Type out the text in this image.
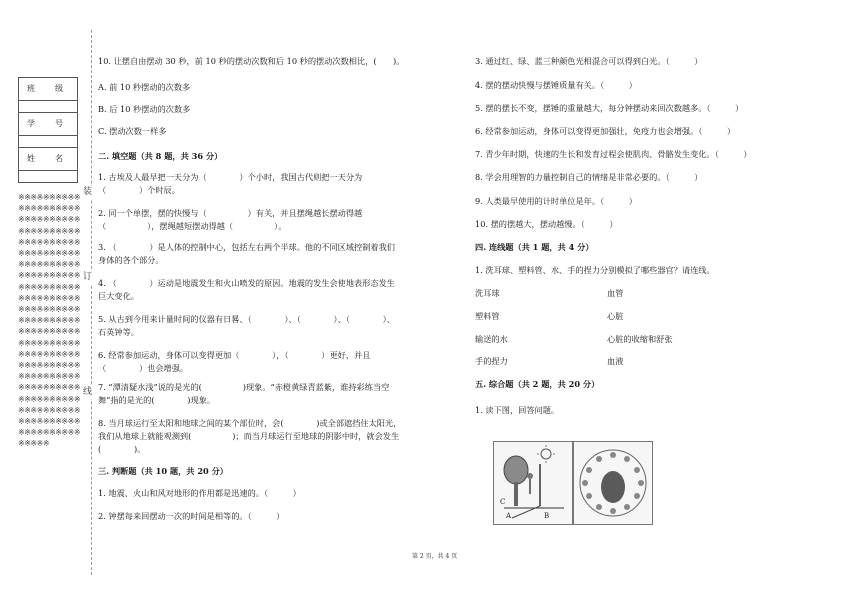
班　级

学　号

姓　名

※※※※※※※※※※※※※※※※※※※※※※※※※※※※※※※※※※※※※※※※※※※※※※※※※※※※※※※※※※※※※※※※※※※※※※※※※※※※※※※※※※※※※※※※※※※※※※※※※※※※※※※※※※※※※※※※※※※※※※※※※※※※※※※※※※※※※※※※※※※※※※※※※※※※※※※※※※※※※※※※※※※※※※※※※※※※※※※※※※※※※※※※※※※※※※※※※※※※※※※※※※※※※※※※※※※※※※※※※※※※※※※※※
装
订
线
10. 让摆自由摆动 30 秒，前 10 秒的摆动次数和后 10 秒的摆动次数相比，(　　)。
A. 前 10 秒摆动的次数多
B. 后 10 秒摆动的次数多
C. 摆动次数一样多
二. 填空题（共 8 题，共 36 分）
1. 古埃及人最早把一天分为（　　　　）个小时，我国古代则把一天分为
（　　　　）个时辰。
2. 同一个单摆，摆的快慢与（　　　　　）有关，并且摆绳越长摆动得越
（　　　　　），摆绳越短摆动得越（　　　　　）。
3. （　　　　）是人体的控制中心，包括左右两个半球。他的不同区域控制着我们
身体的各个部分。
4. （　　　　）运动是地震发生和火山喷发的原因。地震的发生会使地表形态发生
巨大变化。
5. 从古到今用来计量时间的仪器有日晷、（　　　　）、（　　　　）、（　　　　）、
石英钟等。
6. 经常参加运动，身体可以变得更加（　　　　），（　　　　）更好，并且
（　　　　）也会增强。
7. “潭清疑水浅”说的是光的(　　　　　)现象。“赤橙黄绿青蓝紫，谁持彩练当空
舞”指的是光的(　　　　)现象。
8. 当月球运行至太阳和地球之间的某个部位时，会(　　　　)或全部遮挡住太阳光，
我们从地球上就能观测到(　　　　　)；而当月球运行至地球的阴影中时，就会发生
(　　　　)。
三. 判断题（共 10 题，共 20 分）
1. 地震、火山和风对地形的作用都是迅速的。（　　　）
2. 钟摆每来回摆动一次的时间是相等的。（　　　）
3. 通过红、绿、蓝三种颜色光相混合可以得到白光。（　　　）
4. 摆的摆动快慢与摆锤质量有关。（　　　）
5. 摆的摆长不变，摆锤的重量越大，每分钟摆动来回次数越多。（　　　）
6. 经常参加运动，身体可以变得更加强壮，免疫力也会增强。（　　　）
7. 青少年时期，快速的生长和发育过程会使肌肉、骨骼发生变化。（　　　）
8. 学会用理智的力量控制自己的情绪是非常必要的。（　　　）
9. 人类最早使用的计时单位是年。（　　　）
10. 摆的摆越大，摆动越慢。（　　　）
四. 连线题（共 1 题，共 4 分）
1. 洗耳球、塑料管、水、手的捏力分别模拟了哪些器官？请连线。
五. 综合题（共 2 题，共 20 分）
1. 读下图，回答问题。
洗耳球	血管
塑料管	心脏
输送的水	心脏的收缩和舒张
手的捏力	血液
C
A	B
第 2 页，共 4 页
